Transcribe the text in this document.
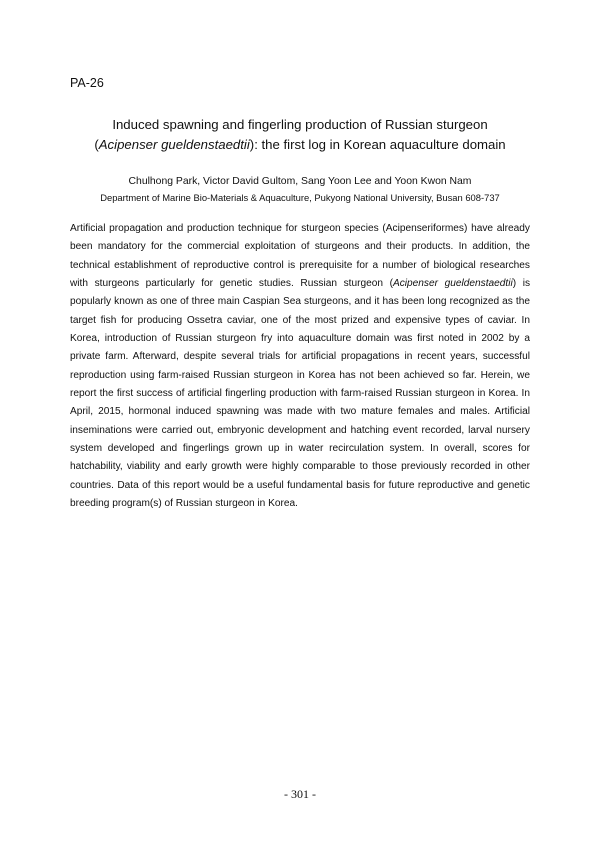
PA-26
Induced spawning and fingerling production of Russian sturgeon
(Acipenser gueldenstaedtii): the first log in Korean aquaculture domain
Chulhong Park, Victor David Gultom, Sang Yoon Lee and Yoon Kwon Nam
Department of Marine Bio-Materials & Aquaculture, Pukyong National University, Busan 608-737

Artificial propagation and production technique for sturgeon species (Acipenseriformes) have already been mandatory for the commercial exploitation of sturgeons and their products. In addition, the technical establishment of reproductive control is prerequisite for a number of biological researches with sturgeons particularly for genetic studies. Russian sturgeon (Acipenser gueldenstaedtii) is popularly known as one of three main Caspian Sea sturgeons, and it has been long recognized as the target fish for producing Ossetra caviar, one of the most prized and expensive types of caviar. In Korea, introduction of Russian sturgeon fry into aquaculture domain was first noted in 2002 by a private farm. Afterward, despite several trials for artificial propagations in recent years, successful reproduction using farm-raised Russian sturgeon in Korea has not been achieved so far. Herein, we report the first success of artificial fingerling production with farm-raised Russian sturgeon in Korea. In April, 2015, hormonal induced spawning was made with two mature females and males. Artificial inseminations were carried out, embryonic development and hatching event recorded, larval nursery system developed and fingerlings grown up in water recirculation system. In overall, scores for hatchability, viability and early growth were highly comparable to those previously recorded in other countries. Data of this report would be a useful fundamental basis for future reproductive and genetic breeding program(s) of Russian sturgeon in Korea.

- 301 -
